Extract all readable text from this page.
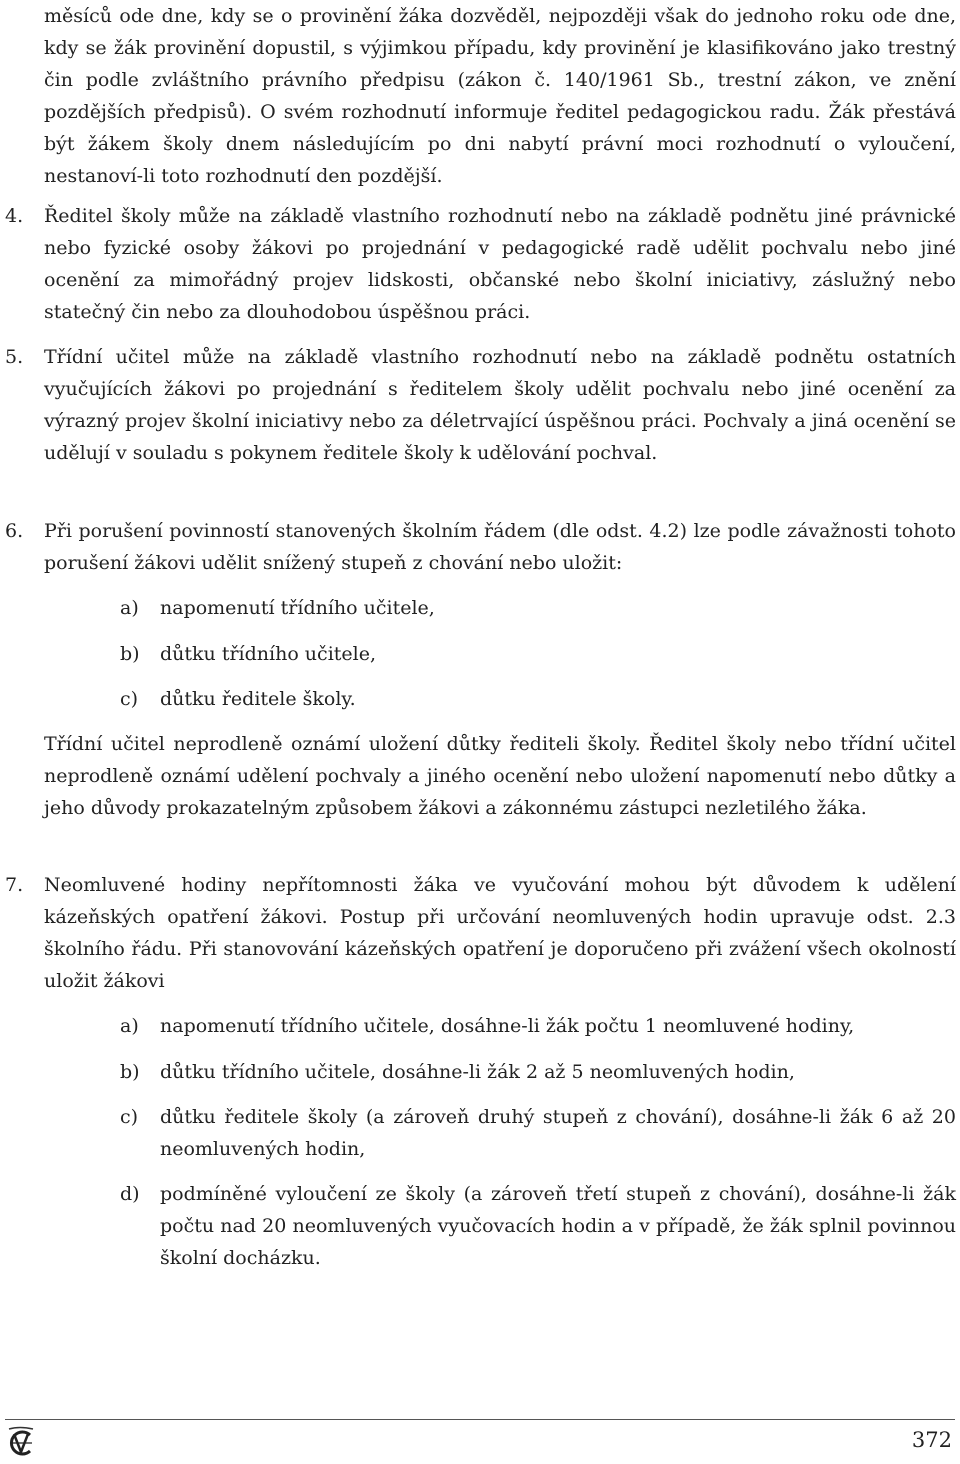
měsíců ode dne, kdy se o provinění žáka dozvěděl, nejpozději však do jednoho roku ode dne, kdy se žák provinění dopustil, s výjimkou případu, kdy provinění je klasifikováno jako trestný čin podle zvláštního právního předpisu (zákon č. 140/1961 Sb., trestní zákon, ve znění pozdějších předpisů). O svém rozhodnutí informuje ředitel pedagogickou radu. Žák přestává být žákem školy dnem následujícím po dni nabytí právní moci rozhodnutí o vyloučení, nestanoví-li toto rozhodnutí den pozdější.

4.	Ředitel školy může na základě vlastního rozhodnutí nebo na základě podnětu jiné právnické nebo fyzické osoby žákovi po projednání v pedagogické radě udělit pochvalu nebo jiné ocenění za mimořádný projev lidskosti, občanské nebo školní iniciativy, záslužný nebo statečný čin nebo za dlouhodobou úspěšnou práci.
5.	Třídní učitel může na základě vlastního rozhodnutí nebo na základě podnětu ostatních vyučujících žákovi po projednání s ředitelem školy udělit pochvalu nebo jiné ocenění za výrazný projev školní iniciativy nebo za déletrvající úspěšnou práci. Pochvaly a jiná ocenění se udělují v souladu s pokynem ředitele školy k udělování pochval.
6.	Při porušení povinností stanovených školním řádem (dle odst. 4.2) lze podle závažnosti tohoto porušení žákovi udělit snížený stupeň z chování nebo uložit:
a)	napomenutí třídního učitele,
b)	důtku třídního učitele,
c)	důtku ředitele školy.

Třídní učitel neprodleně oznámí uložení důtky řediteli školy. Ředitel školy nebo třídní učitel neprodleně oznámí udělení pochvaly a jiného ocenění nebo uložení napomenutí nebo důtky a jeho důvody prokazatelným způsobem žákovi a zákonnému zástupci nezletilého žáka.

7.	Neomluvené hodiny nepřítomnosti žáka ve vyučování mohou být důvodem k udělení kázeňských opatření žákovi. Postup při určování neomluvených hodin upravuje odst. 2.3 školního řádu. Při stanovování kázeňských opatření je doporučeno při zvážení všech okolností uložit žákovi
a)	napomenutí třídního učitele, dosáhne-li žák počtu 1 neomluvené hodiny,
b)	důtku třídního učitele, dosáhne-li žák 2 až 5 neomluvených hodin,
c)	důtku ředitele školy (a zároveň druhý stupeň z chování), dosáhne-li žák 6 až 20 neomluvených hodin,
d)	podmíněné vyloučení ze školy (a zároveň třetí stupeň z chování), dosáhne-li žák počtu nad 20 neomluvených vyučovacích hodin a v případě, že žák splnil povinnou školní docházku.
372
